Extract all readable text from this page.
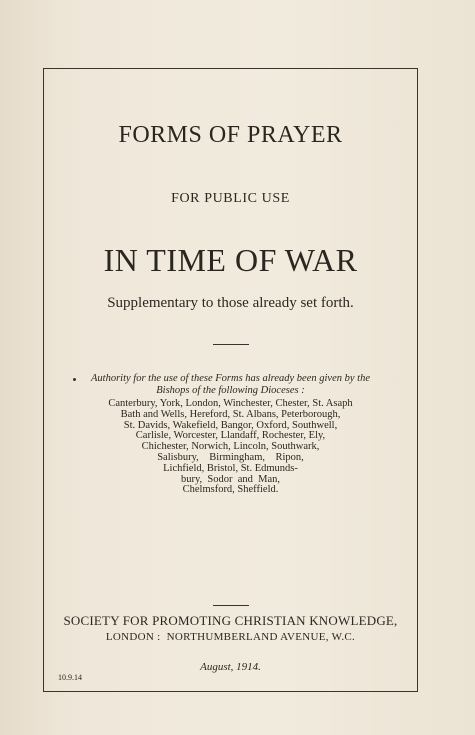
FORMS OF PRAYER
FOR PUBLIC USE
IN TIME OF WAR
Supplementary to those already set forth.
Authority for the use of these Forms has already been given by the
Bishops of the following Dioceses :
Canterbury, York, London, Winchester, Chester, St. Asaph
Bath and Wells, Hereford, St. Albans, Peterborough,
St. Davids, Wakefield, Bangor, Oxford, Southwell,
Carlisle, Worcester, Llandaff, Rochester, Ely,
Chichester, Norwich, Lincoln, Southwark,
Salisbury,    Birmingham,    Ripon,
Lichfield, Bristol, St. Edmunds-
bury,  Sodor  and  Man,
Chelmsford, Sheffield.
SOCIETY FOR PROMOTING CHRISTIAN KNOWLEDGE,
LONDON :  NORTHUMBERLAND AVENUE, W.C.
August, 1914.
10.9.14
